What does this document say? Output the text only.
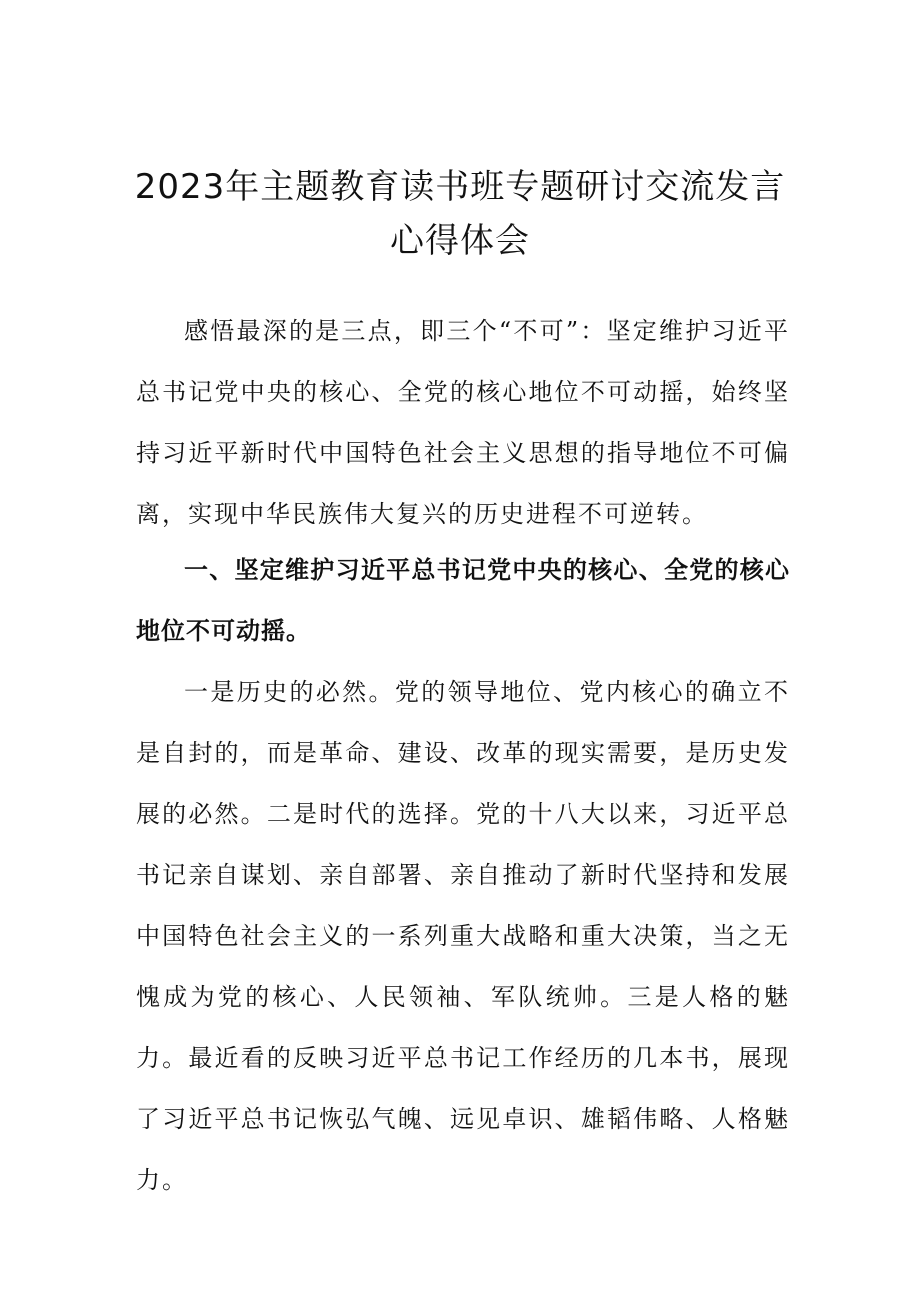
2023年主题教育读书班专题研讨交流发言
心得体会

感悟最深的是三点，即三个“不可”：坚定维护习近平总书记党中央的核心、全党的核心地位不可动摇，始终坚持习近平新时代中国特色社会主义思想的指导地位不可偏离，实现中华民族伟大复兴的历史进程不可逆转。

一、坚定维护习近平总书记党中央的核心、全党的核心地位不可动摇。

一是历史的必然。党的领导地位、党内核心的确立不是自封的，而是革命、建设、改革的现实需要，是历史发展的必然。二是时代的选择。党的十八大以来，习近平总书记亲自谋划、亲自部署、亲自推动了新时代坚持和发展中国特色社会主义的一系列重大战略和重大决策，当之无愧成为党的核心、人民领袖、军队统帅。三是人格的魅力。最近看的反映习近平总书记工作经历的几本书，展现了习近平总书记恢弘气魄、远见卓识、雄韬伟略、人格魅力。
